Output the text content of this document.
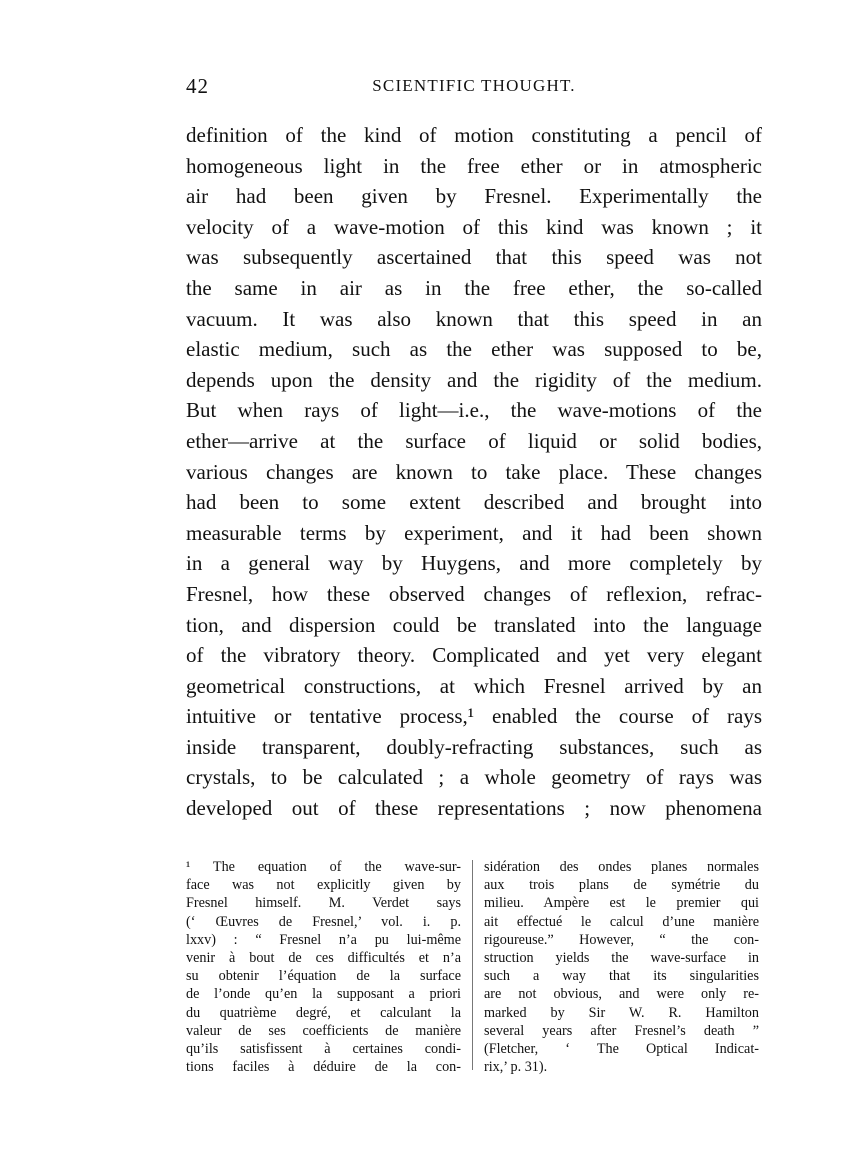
42	SCIENTIFIC THOUGHT.
definition of the kind of motion constituting a pencil of
homogeneous light in the free ether or in atmospheric
air had been given by Fresnel. Experimentally the
velocity of a wave-motion of this kind was known ; it
was subsequently ascertained that this speed was not
the same in air as in the free ether, the so-called
vacuum. It was also known that this speed in an
elastic medium, such as the ether was supposed to be,
depends upon the density and the rigidity of the medium.
But when rays of light—i.e., the wave-motions of the
ether—arrive at the surface of liquid or solid bodies,
various changes are known to take place. These changes
had been to some extent described and brought into
measurable terms by experiment, and it had been shown
in a general way by Huygens, and more completely by
Fresnel, how these observed changes of reflexion, refrac-
tion, and dispersion could be translated into the language
of the vibratory theory. Complicated and yet very elegant
geometrical constructions, at which Fresnel arrived by an
intuitive or tentative process,¹ enabled the course of rays
inside transparent, doubly-refracting substances, such as
crystals, to be calculated ; a whole geometry of rays was
developed out of these representations ; now phenomena
¹ The equation of the wave-sur-
face was not explicitly given by
Fresnel himself. M. Verdet says
(‘ Œuvres de Fresnel,’ vol. i. p.
lxxv) : “ Fresnel n’a pu lui-même
venir à bout de ces difficultés et n’a
su obtenir l’équation de la surface
de l’onde qu’en la supposant a priori
du quatrième degré, et calculant la
valeur de ses coefficients de manière
qu’ils satisfissent à certaines condi-
tions faciles à déduire de la con-
sidération des ondes planes normales
aux trois plans de symétrie du
milieu. Ampère est le premier qui
ait effectué le calcul d’une manière
rigoureuse.” However, “ the con-
struction yields the wave-surface in
such a way that its singularities
are not obvious, and were only re-
marked by Sir W. R. Hamilton
several years after Fresnel’s death ”
(Fletcher, ‘ The Optical Indicat-
rix,’ p. 31).
